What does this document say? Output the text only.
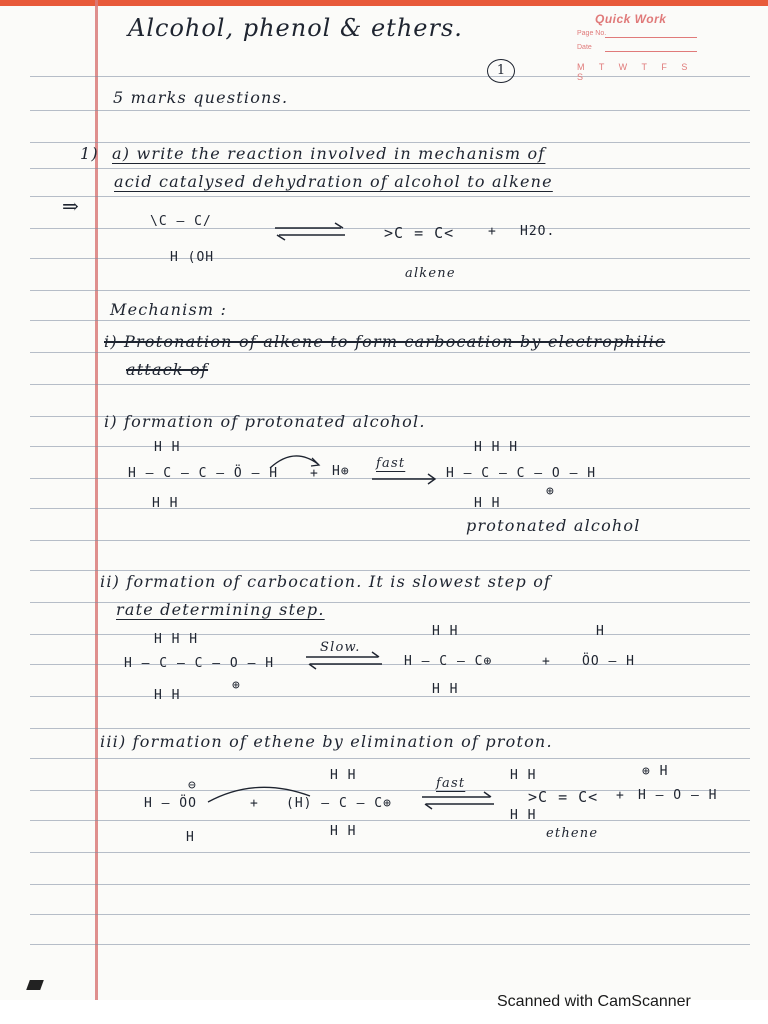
Alcohol, phenol & ethers.
1
Quick Work
Page No.
Date
M T W T F S S
5 marks questions.
1) a) write the reaction involved in mechanism of
acid catalysed dehydration of alcohol to alkene
⇒
\C — C/
H (OH
>C = C<	+ H2O.
alkene
Mechanism :
i) Protonation of alkene to form carbocation by electrophilic
attack of
i) formation of protonated alcohol.
H H
H — C — C — Ö — H
H H
+ H⊕
fast
H H H
H — C — C — O — H
⊕
H H
protonated alcohol
ii) formation of carbocation. It is slowest step of
rate determining step.
H H H
H — C — C — O — H
⊕
H H
Slow.
H H
H — C — C⊕
H H
+
H
ÖO — H
iii) formation of ethene by elimination of proton.
⊖
H — ÖO
H
+
H H
(H) — C — C⊕
H H
fast
H H
>C = C<
H H
ethene
+
⊕ H
H — O — H
Scanned with CamScanner
